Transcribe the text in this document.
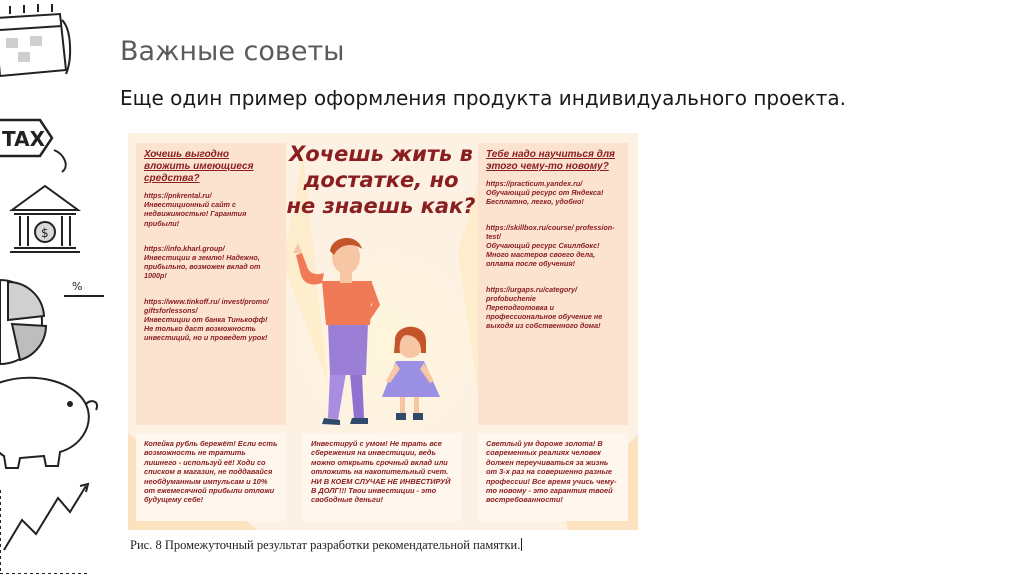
TAX
$
%
Важные советы
Еще один пример оформления продукта индивидуального проекта.
Хочешь выгодно вложить имеющиеся средства?
https://pnkrental.ru/
Инвестиционный сайт с недвижимостью! Гарантия прибыли!
https://info.kharl.group/
Инвестиции в землю! Надежно, прибыльно, возможен вклад от 1000р!
https://www.tinkoff.ru/ invest/promo/ giftsforlessons/
Инвестиции от банка Тинькофф! Не только даст возможность инвестиций, но и проведет урок!
Тебе надо научиться для этого чему-то новому?
https://practicum.yandex.ru/
Обучающий ресурс от Яндекса! Бесплатно, легко, удобно!
https://skillbox.ru/course/ profession-test/
Обучающий ресурс Скиллбокс! Много мастеров своего дела, оплата после обучения!
https://urgaps.ru/category/ profobuchenie
Переподготовка и профессиональное обучение не выходя из собственного дома!
Хочешь жить в достатке, но не знаешь как?
Копейка рубль бережёт! Если есть возможность не тратить лишнего - используй её! Ходи со списком в магазин, не поддавайся необдуманным импульсам и 10% от ежемесячной прибыли отложи будущему себе!
Инвестируй с умом! Не трать все сбережения на инвестиции, ведь можно открыть срочный вклад или отложить на накопительный счет. НИ В КОЕМ СЛУЧАЕ НЕ ИНВЕСТИРУЙ В ДОЛГ!!! Твои инвестиции - это свободные деньги!
Светлый ум дороже золота! В современных реалиях человек должен переучиваться за жизнь от 3-х раз на совершенно разные профессии! Все время учись чему-то новому - это гарантия твоей востребованности!
Рис. 8 Промежуточный результат разработки рекомендательной памятки.
